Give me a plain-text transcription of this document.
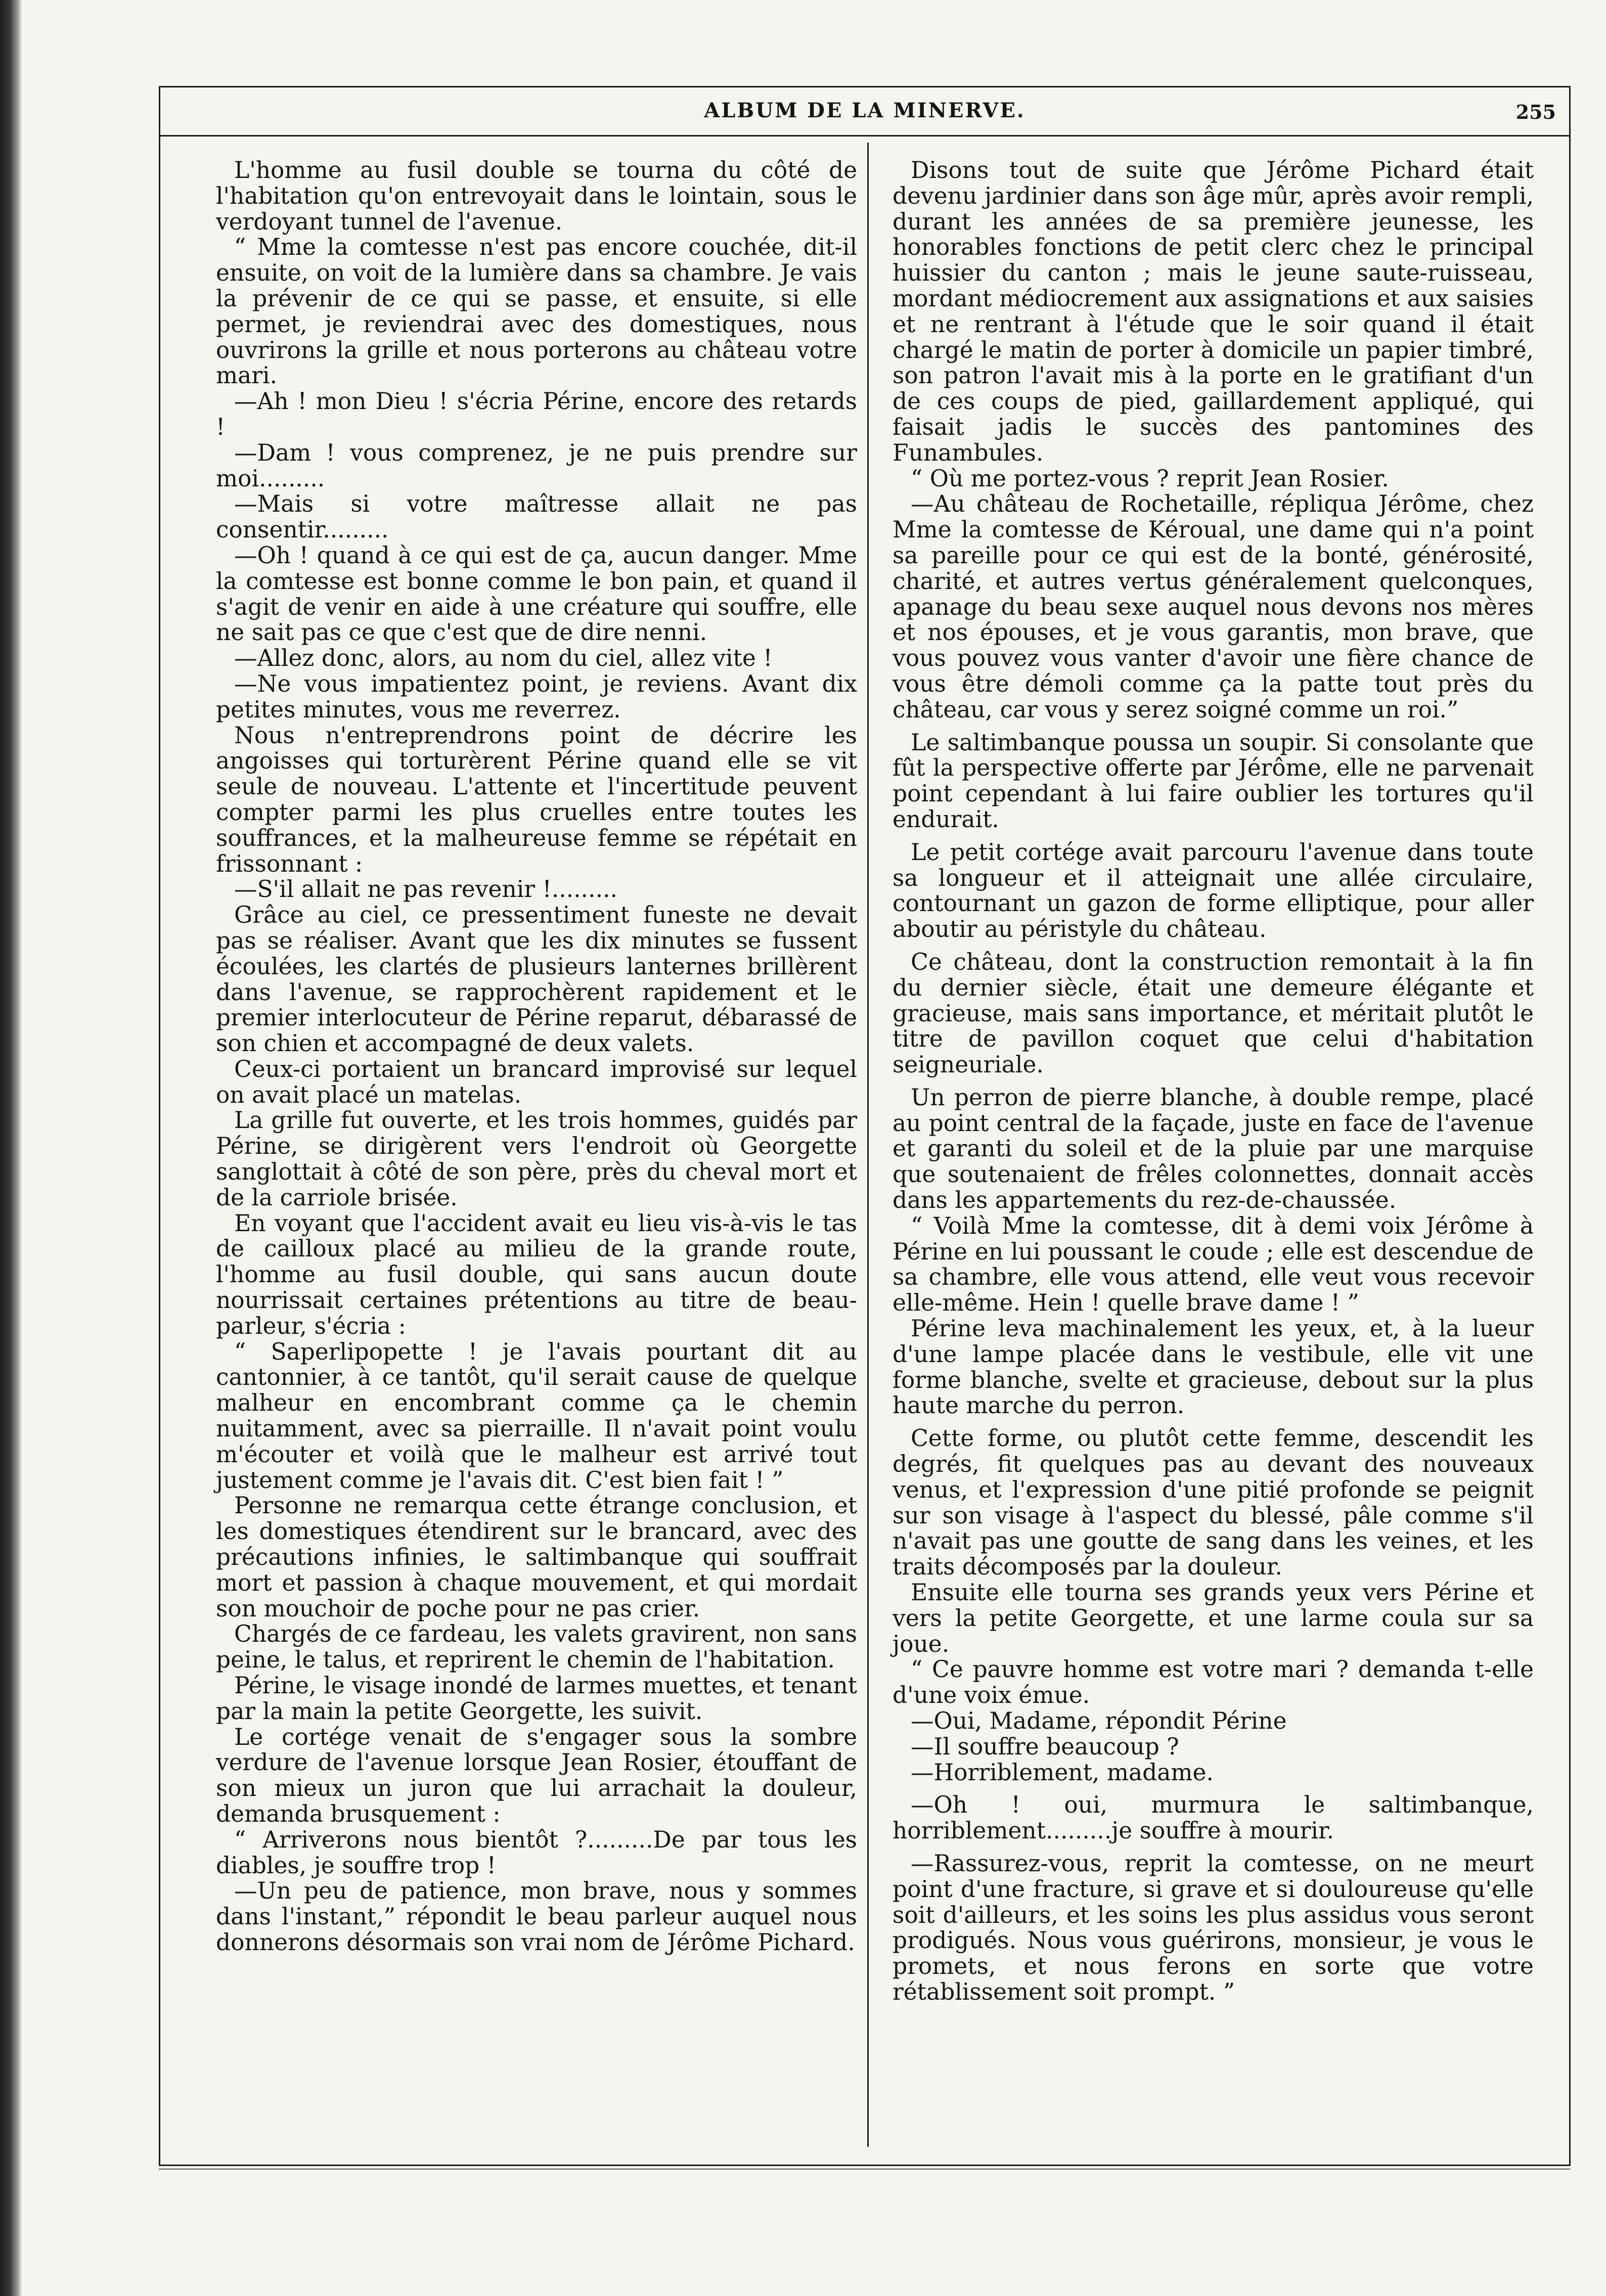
ALBUM DE LA MINERVE.	255

L'homme au fusil double se tourna du côté de l'habitation qu'on entrevoyait dans le lointain, sous le verdoyant tunnel de l'avenue.

“ Mme la comtesse n'est pas encore couchée, dit-il ensuite, on voit de la lumière dans sa chambre. Je vais la prévenir de ce qui se passe, et ensuite, si elle permet, je reviendrai avec des domestiques, nous ouvrirons la grille et nous porterons au château votre mari.

—Ah ! mon Dieu ! s'écria Périne, encore des retards !

—Dam ! vous comprenez, je ne puis prendre sur moi.........

—Mais si votre maîtresse allait ne pas consentir.........

—Oh ! quand à ce qui est de ça, aucun danger. Mme la comtesse est bonne comme le bon pain, et quand il s'agit de venir en aide à une créature qui souffre, elle ne sait pas ce que c'est que de dire nenni.

—Allez donc, alors, au nom du ciel, allez vite !

—Ne vous impatientez point, je reviens. Avant dix petites minutes, vous me reverrez.

Nous n'entreprendrons point de décrire les angoisses qui torturèrent Périne quand elle se vit seule de nouveau. L'attente et l'incertitude peuvent compter parmi les plus cruelles entre toutes les souffrances, et la malheureuse femme se répétait en frissonnant :

—S'il allait ne pas revenir !.........

Grâce au ciel, ce pressentiment funeste ne devait pas se réaliser. Avant que les dix minutes se fussent écoulées, les clartés de plusieurs lanternes brillèrent dans l'avenue, se rapprochèrent rapidement et le premier interlocuteur de Périne reparut, débarassé de son chien et accompagné de deux valets.

Ceux-ci portaient un brancard improvisé sur lequel on avait placé un matelas.

La grille fut ouverte, et les trois hommes, guidés par Périne, se dirigèrent vers l'endroit où Georgette sanglottait à côté de son père, près du cheval mort et de la carriole brisée.

En voyant que l'accident avait eu lieu vis-à-vis le tas de cailloux placé au milieu de la grande route, l'homme au fusil double, qui sans aucun doute nourrissait certaines prétentions au titre de beau-parleur, s'écria :

“ Saperlipopette ! je l'avais pourtant dit au cantonnier, à ce tantôt, qu'il serait cause de quelque malheur en encombrant comme ça le chemin nuitamment, avec sa pierraille. Il n'avait point voulu m'écouter et voilà que le malheur est arrivé tout justement comme je l'avais dit. C'est bien fait ! ”

Personne ne remarqua cette étrange conclusion, et les domestiques étendirent sur le brancard, avec des précautions infinies, le saltimbanque qui souffrait mort et passion à chaque mouvement, et qui mordait son mouchoir de poche pour ne pas crier.

Chargés de ce fardeau, les valets gravirent, non sans peine, le talus, et reprirent le chemin de l'habitation.

Périne, le visage inondé de larmes muettes, et tenant par la main la petite Georgette, les suivit.

Le cortége venait de s'engager sous la sombre verdure de l'avenue lorsque Jean Rosier, étouffant de son mieux un juron que lui arrachait la douleur, demanda brusquement :

“ Arriverons nous bientôt ?.........De par tous les diables, je souffre trop !

—Un peu de patience, mon brave, nous y sommes dans l'instant,” répondit le beau parleur auquel nous donnerons désormais son vrai nom de Jérôme Pichard.

Disons tout de suite que Jérôme Pichard était devenu jardinier dans son âge mûr, après avoir rempli, durant les années de sa première jeunesse, les honorables fonctions de petit clerc chez le principal huissier du canton ; mais le jeune saute-ruisseau, mordant médiocrement aux assignations et aux saisies et ne rentrant à l'étude que le soir quand il était chargé le matin de porter à domicile un papier timbré, son patron l'avait mis à la porte en le gratifiant d'un de ces coups de pied, gaillardement appliqué, qui faisait jadis le succès des pantomines des Funambules.

“ Où me portez-vous ? reprit Jean Rosier.

—Au château de Rochetaille, répliqua Jérôme, chez Mme la comtesse de Kéroual, une dame qui n'a point sa pareille pour ce qui est de la bonté, générosité, charité, et autres vertus généralement quelconques, apanage du beau sexe auquel nous devons nos mères et nos épouses, et je vous garantis, mon brave, que vous pouvez vous vanter d'avoir une fière chance de vous être démoli comme ça la patte tout près du château, car vous y serez soigné comme un roi.”

Le saltimbanque poussa un soupir. Si consolante que fût la perspective offerte par Jérôme, elle ne parvenait point cependant à lui faire oublier les tortures qu'il endurait.

Le petit cortége avait parcouru l'avenue dans toute sa longueur et il atteignait une allée circulaire, contournant un gazon de forme elliptique, pour aller aboutir au péristyle du château.

Ce château, dont la construction remontait à la fin du dernier siècle, était une demeure élégante et gracieuse, mais sans importance, et méritait plutôt le titre de pavillon coquet que celui d'habitation seigneuriale.

Un perron de pierre blanche, à double rempe, placé au point central de la façade, juste en face de l'avenue et garanti du soleil et de la pluie par une marquise que soutenaient de frêles colonnettes, donnait accès dans les appartements du rez-de-chaussée.

“ Voilà Mme la comtesse, dit à demi voix Jérôme à Périne en lui poussant le coude ; elle est descendue de sa chambre, elle vous attend, elle veut vous recevoir elle-même. Hein ! quelle brave dame ! ”

Périne leva machinalement les yeux, et, à la lueur d'une lampe placée dans le vestibule, elle vit une forme blanche, svelte et gracieuse, debout sur la plus haute marche du perron.

Cette forme, ou plutôt cette femme, descendit les degrés, fit quelques pas au devant des nouveaux venus, et l'expression d'une pitié profonde se peignit sur son visage à l'aspect du blessé, pâle comme s'il n'avait pas une goutte de sang dans les veines, et les traits décomposés par la douleur.

Ensuite elle tourna ses grands yeux vers Périne et vers la petite Georgette, et une larme coula sur sa joue.

“ Ce pauvre homme est votre mari ? demanda t-elle d'une voix émue.

—Oui, Madame, répondit Périne

—Il souffre beaucoup ?

—Horriblement, madame.

—Oh ! oui, murmura le saltimbanque, horriblement.........je souffre à mourir.

—Rassurez-vous, reprit la comtesse, on ne meurt point d'une fracture, si grave et si douloureuse qu'elle soit d'ailleurs, et les soins les plus assidus vous seront prodigués. Nous vous guérirons, monsieur, je vous le promets, et nous ferons en sorte que votre rétablissement soit prompt. ”
